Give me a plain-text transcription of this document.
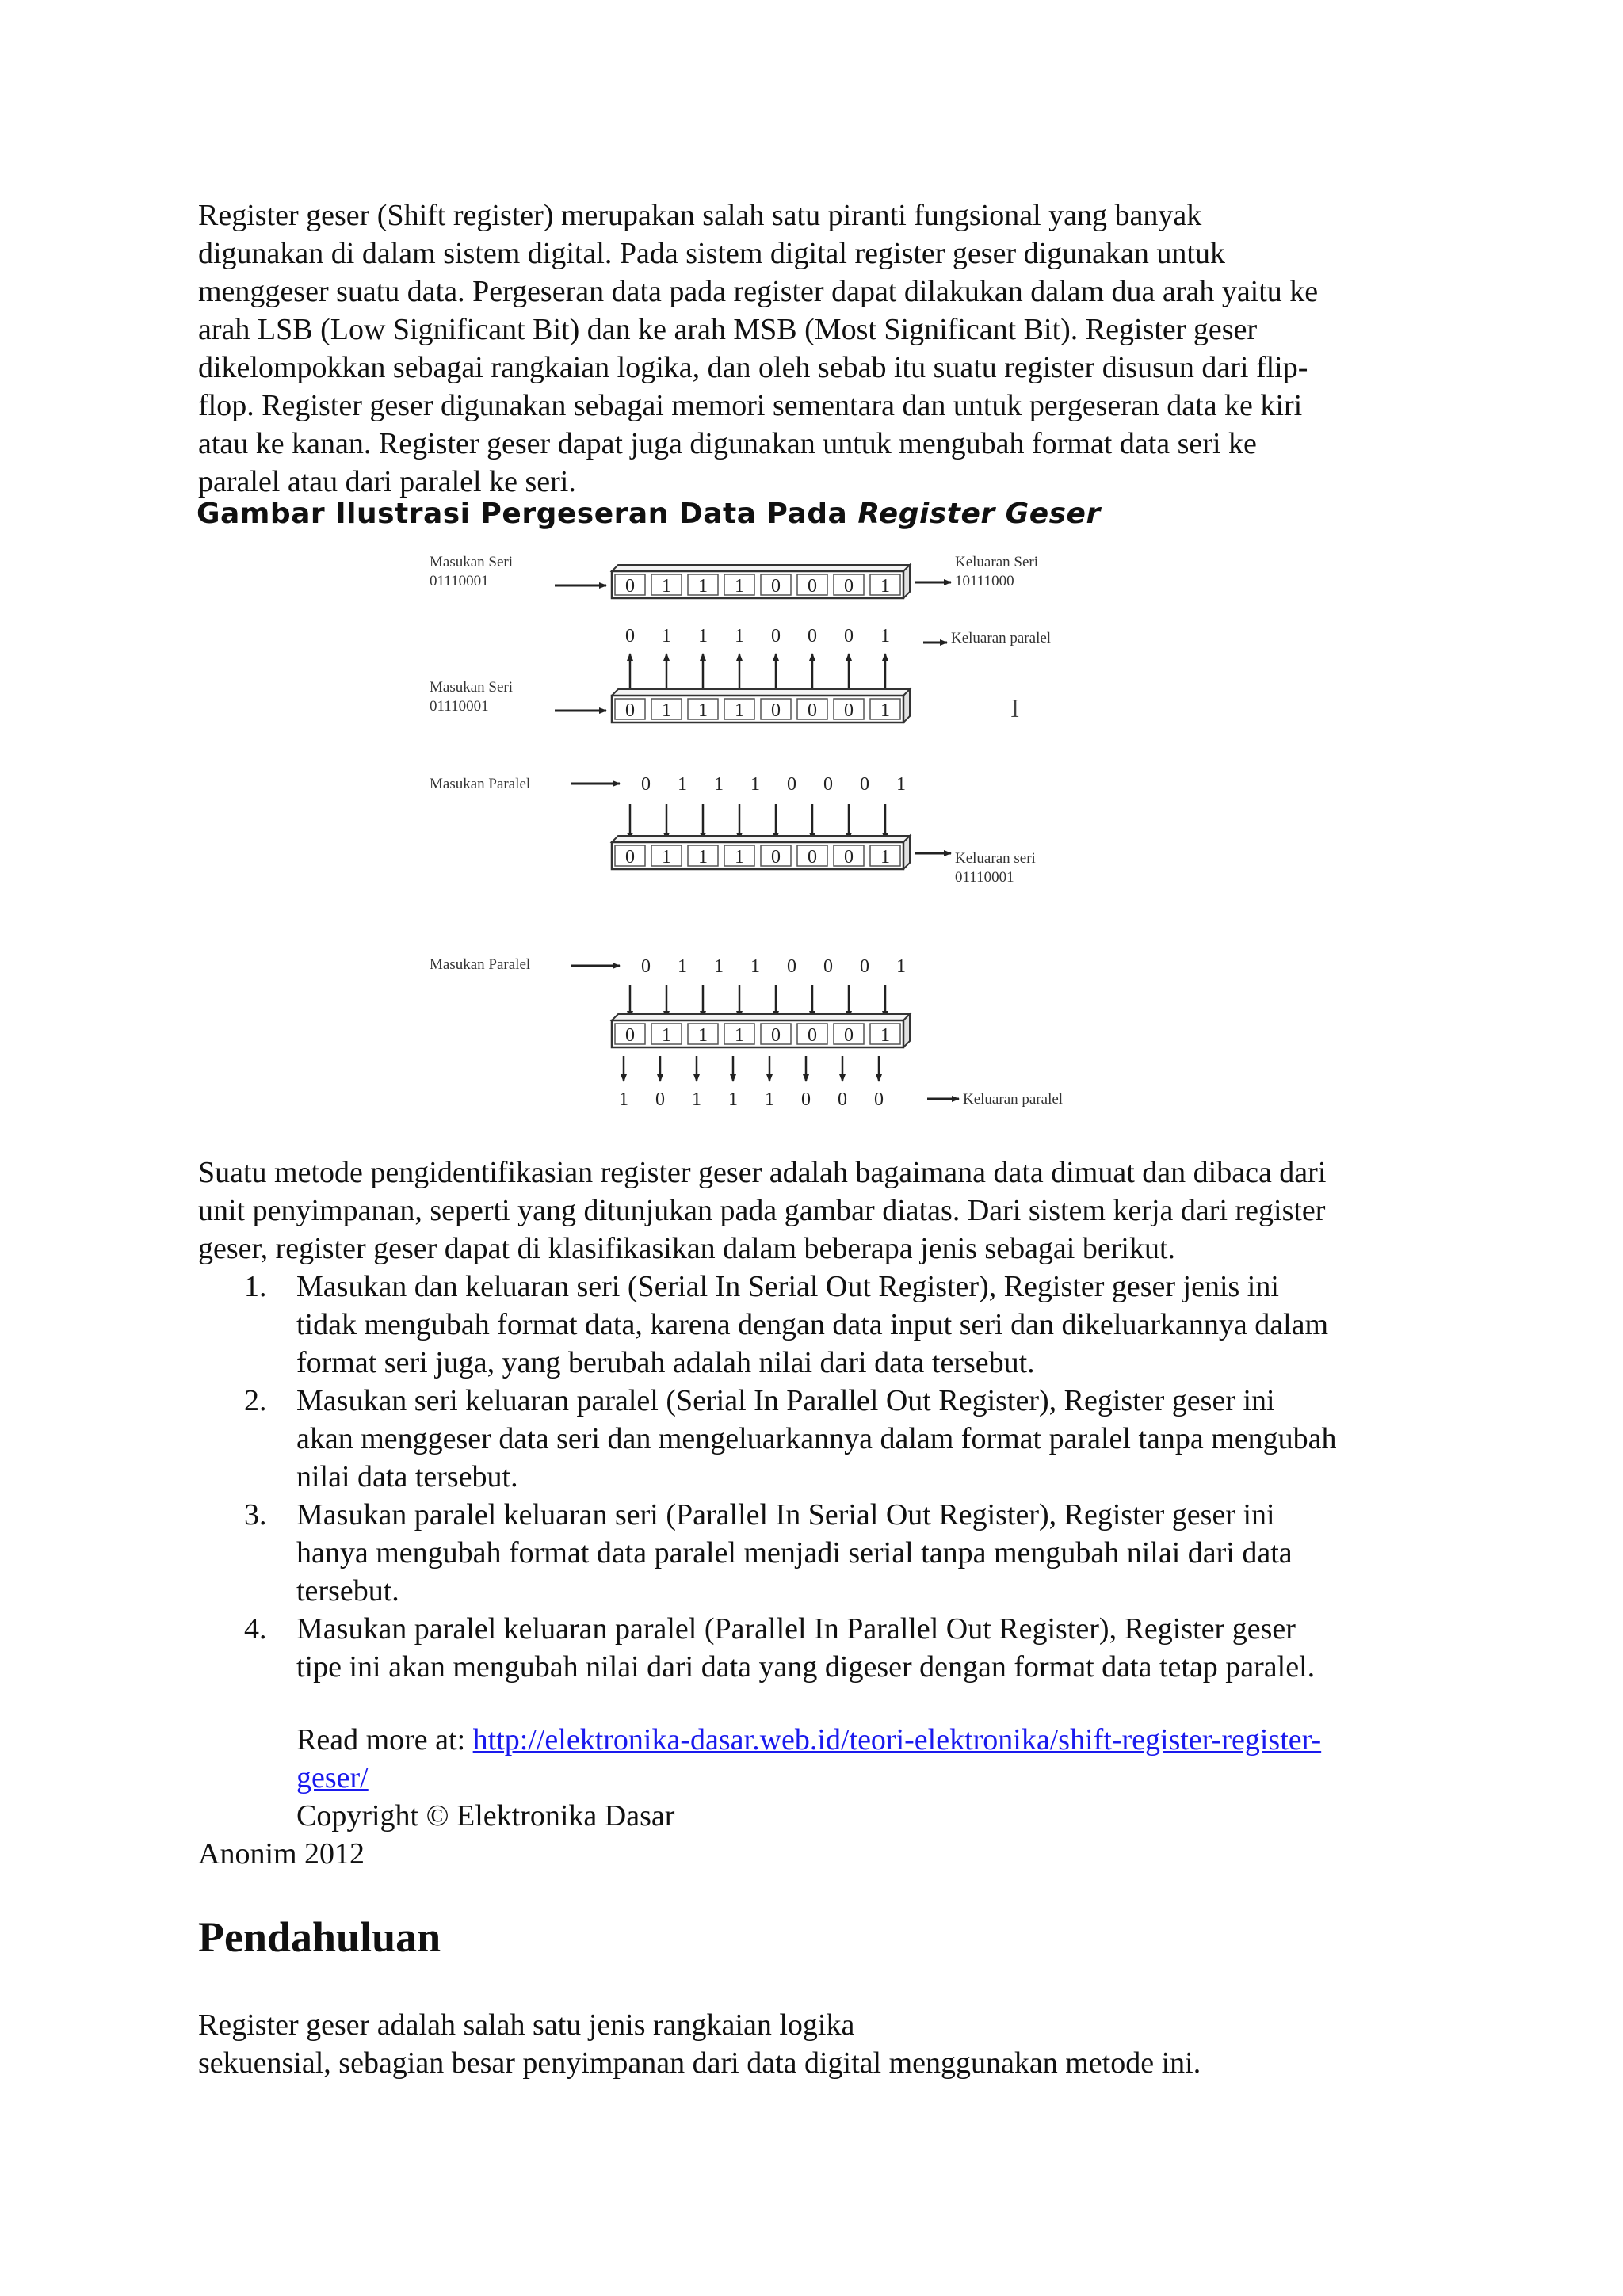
Register geser (Shift register) merupakan salah satu piranti fungsional yang banyak
digunakan di dalam sistem digital. Pada sistem digital register geser digunakan untuk
menggeser suatu data. Pergeseran data pada register dapat dilakukan dalam dua arah yaitu ke
arah LSB (Low Significant Bit) dan ke arah MSB (Most Significant Bit). Register geser
dikelompokkan sebagai rangkaian logika, dan oleh sebab itu suatu register disusun dari flip-
flop. Register geser digunakan sebagai memori sementara dan untuk pergeseran data ke kiri
atau ke kanan. Register geser dapat juga digunakan untuk mengubah format data seri ke
paralel atau dari paralel ke seri.

Gambar Ilustrasi Pergeseran Data Pada Register Geser
Masukan Seri
01110001	0 1 1 1 0 0 0 1
Keluaran Seri
10111000
0 1 1 1 0 0 0 1	Keluaran paralel
Masukan Seri
01110001	0 1 1 1 0 0 0 1	I
Masukan Paralel	0 1 1 1 0 0 0 1
0 1 1 1 0 0 0 1	Keluaran seri
01110001
Masukan Paralel	0 1 1 1 0 0 0 1
0 1 1 1 0 0 0 1
1 0 1 1 1 0 0 0	Keluaran paralel

Suatu metode pengidentifikasian register geser adalah bagaimana data dimuat dan dibaca dari
unit penyimpanan, seperti yang ditunjukan pada gambar diatas. Dari sistem kerja dari register
geser, register geser dapat di klasifikasikan dalam beberapa jenis sebagai berikut.

1. Masukan dan keluaran seri (Serial In Serial Out Register), Register geser jenis ini
tidak mengubah format data, karena dengan data input seri dan dikeluarkannya dalam
format seri juga, yang berubah adalah nilai dari data tersebut.
2. Masukan seri keluaran paralel (Serial In Parallel Out Register), Register geser ini
akan menggeser data seri dan mengeluarkannya dalam format paralel tanpa mengubah
nilai data tersebut.
3. Masukan paralel keluaran seri (Parallel In Serial Out Register), Register geser ini
hanya mengubah format data paralel menjadi serial tanpa mengubah nilai dari data
tersebut.
4. Masukan paralel keluaran paralel (Parallel In Parallel Out Register), Register geser
tipe ini akan mengubah nilai dari data yang digeser dengan format data tetap paralel.
Read more at: http://elektronika-dasar.web.id/teori-elektronika/shift-register-register-
geser/
Copyright © Elektronika Dasar
Anonim 2012
Pendahuluan

Register geser adalah salah satu jenis rangkaian logika
sekuensial, sebagian besar penyimpanan dari data digital menggunakan metode ini.
